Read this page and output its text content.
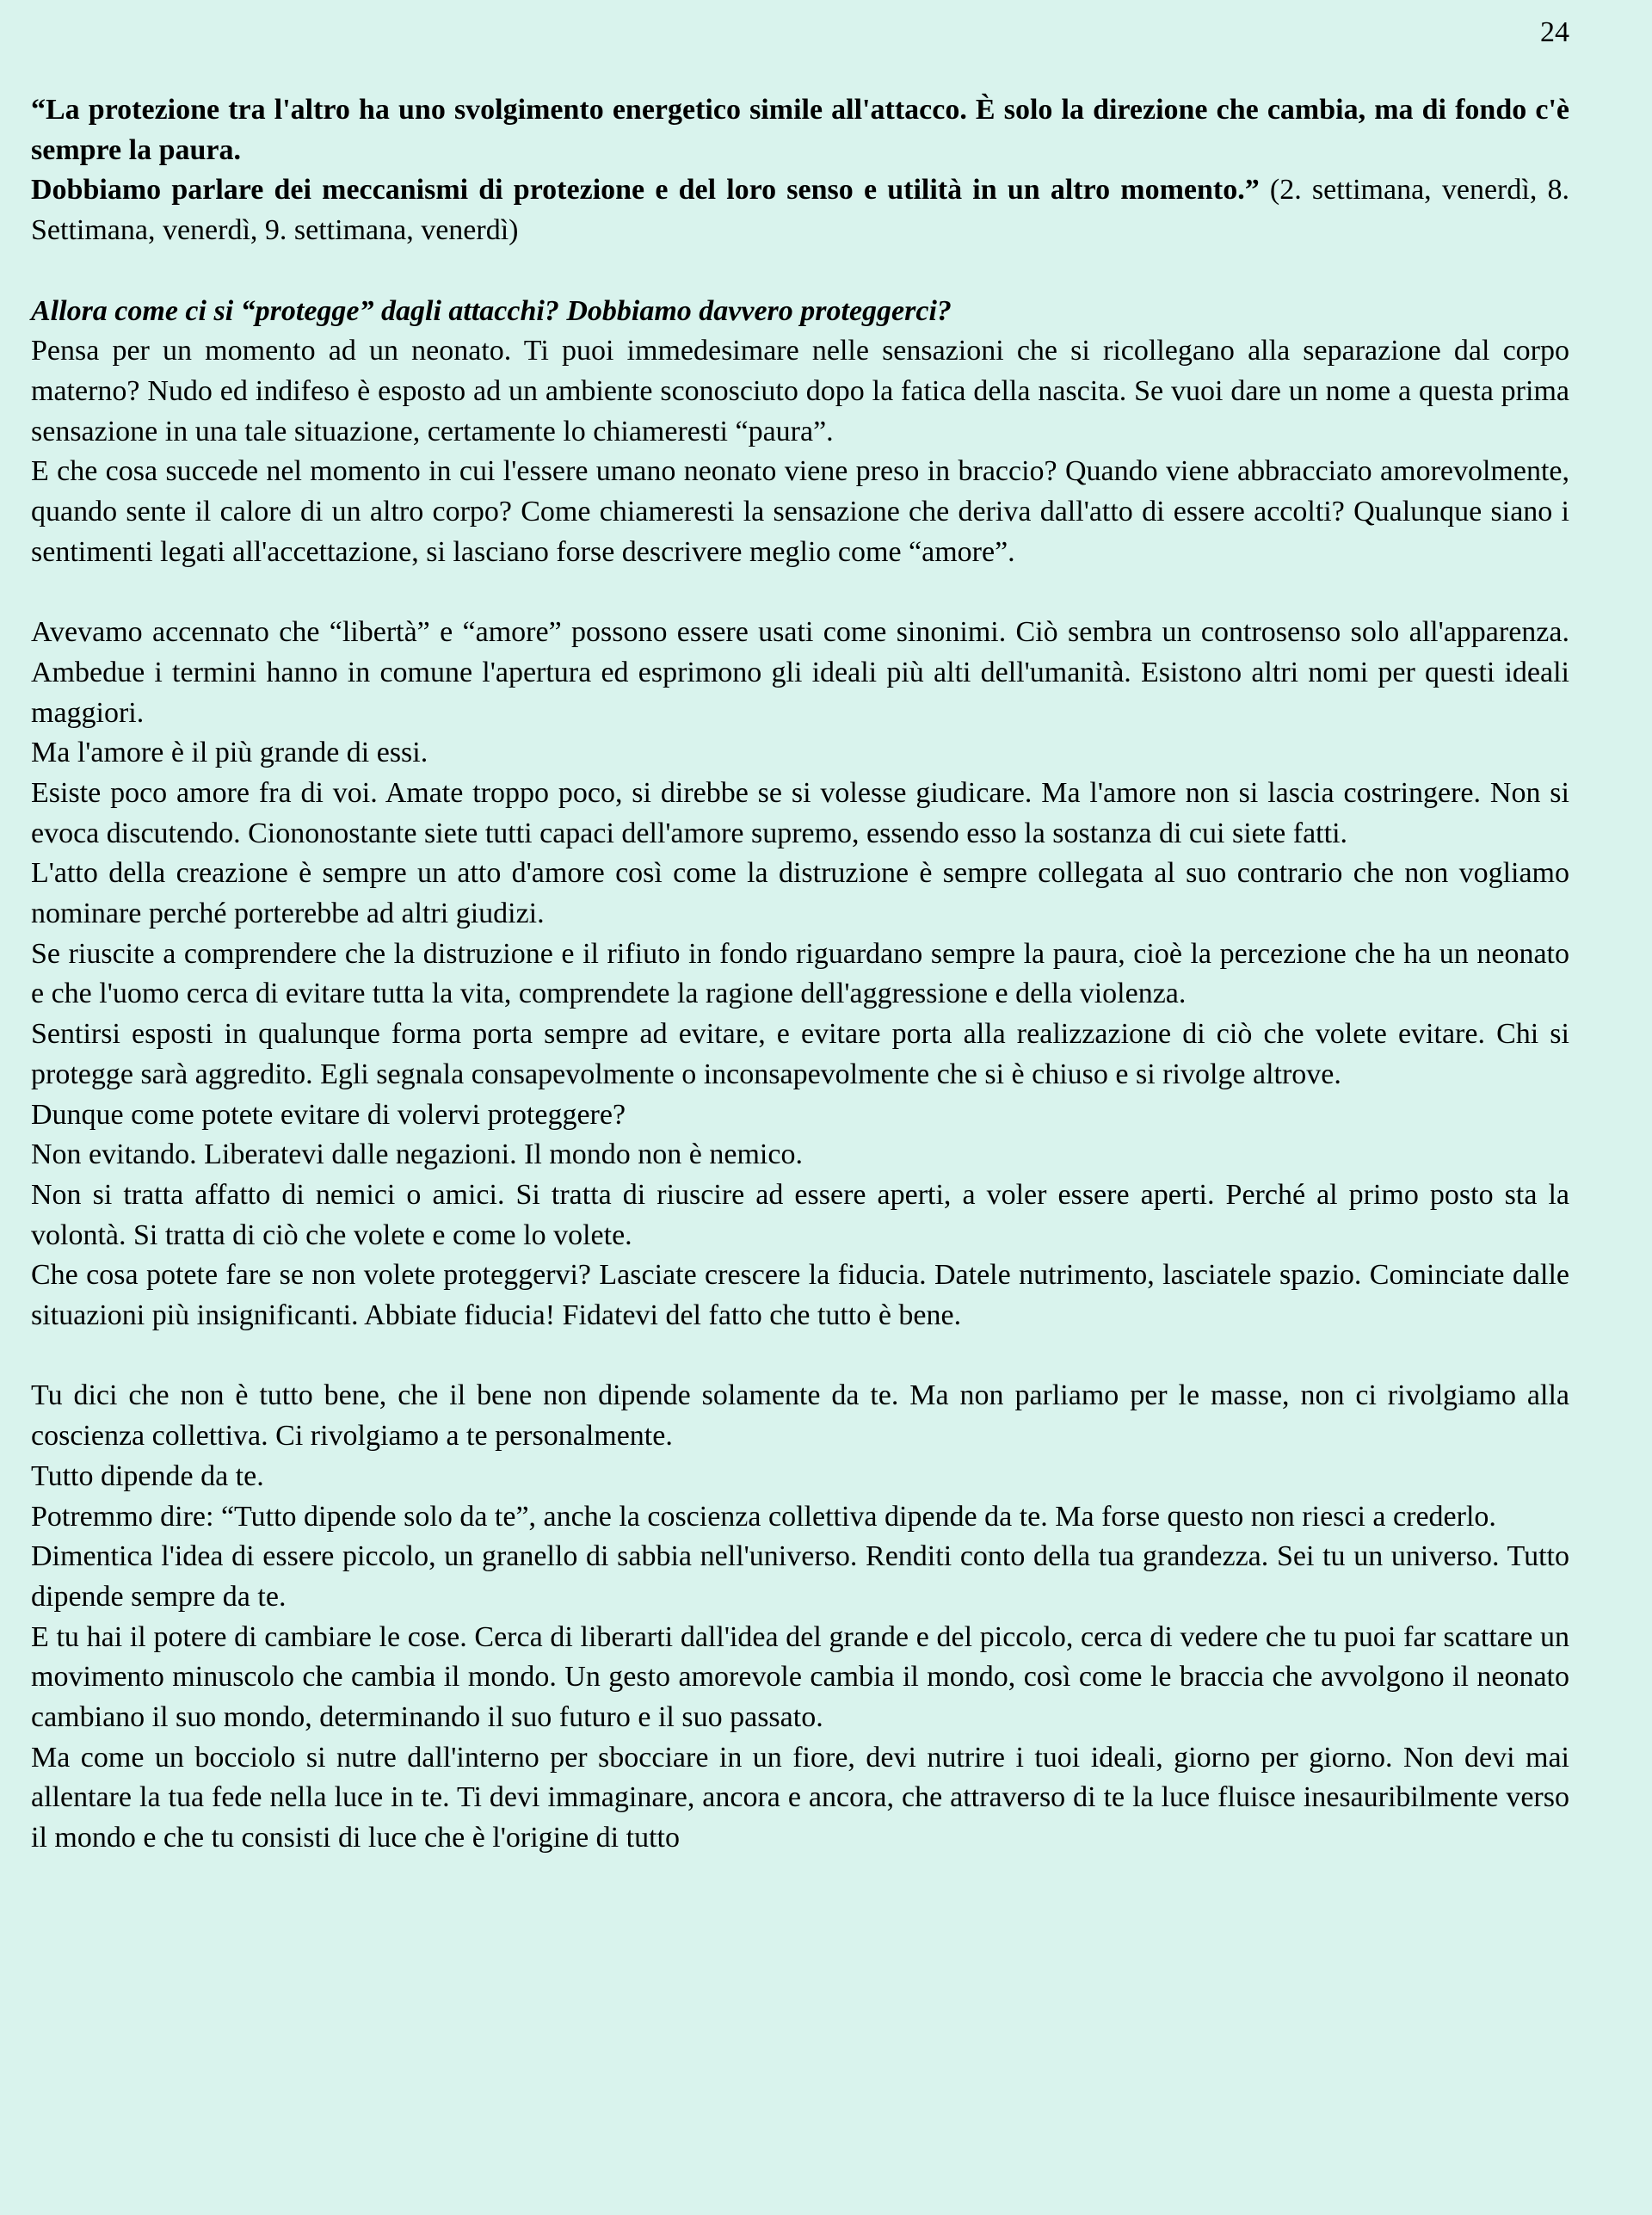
24

“La protezione tra l'altro ha uno svolgimento energetico simile all'attacco. È solo la direzione che cambia, ma di fondo c'è sempre la paura.
Dobbiamo parlare dei meccanismi di protezione e del loro senso e utilità in un altro momento.” (2. settimana, venerdì, 8. Settimana, venerdì, 9. settimana, venerdì)

Allora come ci si “protegge” dagli attacchi? Dobbiamo davvero proteggerci?

Pensa per un momento ad un neonato. Ti puoi immedesimare nelle sensazioni che si ricollegano alla separazione dal corpo materno? Nudo ed indifeso è esposto ad un ambiente sconosciuto dopo la fatica della nascita. Se vuoi dare un nome a questa prima sensazione in una tale situazione, certamente lo chiameresti “paura”.

E che cosa succede nel momento in cui l'essere umano neonato viene preso in braccio? Quando viene abbracciato amorevolmente, quando sente il calore di un altro corpo? Come chiameresti la sensazione che deriva dall'atto di essere accolti? Qualunque siano i sentimenti legati all'accettazione, si lasciano forse descrivere meglio come “amore”.

Avevamo accennato che “libertà” e “amore” possono essere usati come sinonimi. Ciò sembra un controsenso solo all'apparenza. Ambedue i termini hanno in comune l'apertura ed esprimono gli ideali più alti dell'umanità. Esistono altri nomi per questi ideali maggiori.

Ma l'amore è il più grande di essi.

Esiste poco amore fra di voi. Amate troppo poco, si direbbe se si volesse giudicare. Ma l'amore non si lascia costringere. Non si evoca discutendo. Ciononostante siete tutti capaci dell'amore supremo, essendo esso la sostanza di cui siete fatti.

L'atto della creazione è sempre un atto d'amore così come la distruzione è sempre collegata al suo contrario che non vogliamo nominare perché porterebbe ad altri giudizi.

Se riuscite a comprendere che la distruzione e il rifiuto in fondo riguardano sempre la paura, cioè la percezione che ha un neonato e che l'uomo cerca di evitare tutta la vita, comprendete la ragione dell'aggressione e della violenza.

Sentirsi esposti in qualunque forma porta sempre ad evitare, e evitare porta alla realizzazione di ciò che volete evitare. Chi si protegge sarà aggredito. Egli segnala consapevolmente o inconsapevolmente che si è chiuso e si rivolge altrove.

Dunque come potete evitare di volervi proteggere?

Non evitando. Liberatevi dalle negazioni. Il mondo non è nemico.

Non si tratta affatto di nemici o amici. Si tratta di riuscire ad essere aperti, a voler essere aperti. Perché al primo posto sta la volontà. Si tratta di ciò che volete e come lo volete.

Che cosa potete fare se non volete proteggervi? Lasciate crescere la fiducia. Datele nutrimento, lasciatele spazio. Cominciate dalle situazioni più insignificanti. Abbiate fiducia! Fidatevi del fatto che tutto è bene.

Tu dici che non è tutto bene, che il bene non dipende solamente da te. Ma non parliamo per le masse, non ci rivolgiamo alla coscienza collettiva. Ci rivolgiamo a te personalmente.

Tutto dipende da te.

Potremmo dire: “Tutto dipende solo da te”, anche la coscienza collettiva dipende da te. Ma forse questo non riesci a crederlo.

Dimentica l'idea di essere piccolo, un granello di sabbia nell'universo. Renditi conto della tua grandezza. Sei tu un universo. Tutto dipende sempre da te.

E tu hai il potere di cambiare le cose. Cerca di liberarti dall'idea del grande e del piccolo, cerca di vedere che tu puoi far scattare un movimento minuscolo che cambia il mondo. Un gesto amorevole cambia il mondo, così come le braccia che avvolgono il neonato cambiano il suo mondo, determinando il suo futuro e il suo passato.

Ma come un bocciolo si nutre dall'interno per sbocciare in un fiore, devi nutrire i tuoi ideali, giorno per giorno. Non devi mai allentare la tua fede nella luce in te. Ti devi immaginare, ancora e ancora, che attraverso di te la luce fluisce inesauribilmente verso il mondo e che tu consisti di luce che è l'origine di tutto
